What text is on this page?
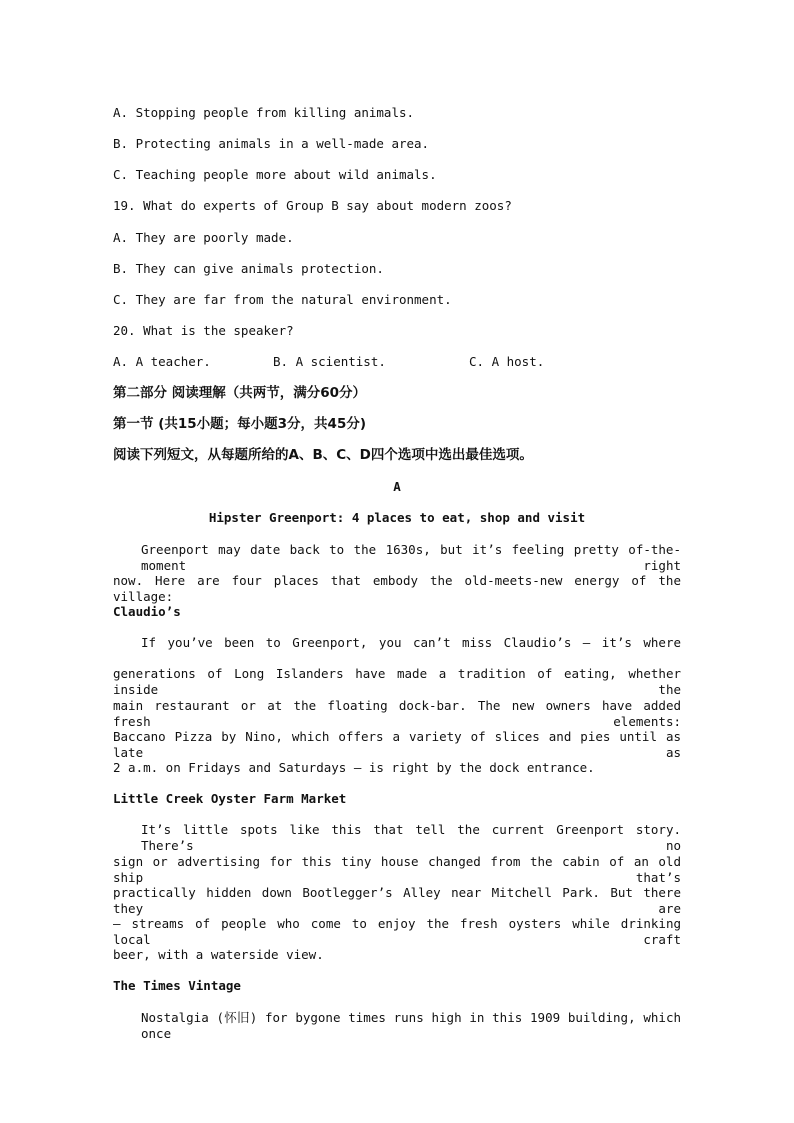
A. Stopping people from killing animals.
B. Protecting animals in a well-made area.
C. Teaching people more about wild animals.
19. What do experts of Group B say about modern zoos?
A. They are poorly made.
B. They can give animals protection.
C. They are far from the natural environment.
20. What is the speaker?
A. A teacher.	B. A scientist.	C. A host.
第二部分 阅读理解（共两节，满分60分）
第一节 (共15小题；每小题3分，共45分)
阅读下列短文，从每题所给的A、B、C、D四个选项中选出最佳选项。
A
Hipster Greenport: 4 places to eat, shop and visit
Greenport may date back to the 1630s, but it’s feeling pretty of-the-moment right
now. Here are four places that embody the old-meets-new energy of the village:
Claudio’s
If you’ve been to Greenport, you can’t miss Claudio’s — it’s where
generations of Long Islanders have made a tradition of eating, whether inside the
main restaurant or at the floating dock-bar. The new owners have added fresh elements:
Baccano Pizza by Nino, which offers a variety of slices and pies until as late as
2 a.m. on Fridays and Saturdays — is right by the dock entrance.
Little Creek Oyster Farm Market
It’s little spots like this that tell the current Greenport story. There’s no
sign or advertising for this tiny house changed from the cabin of an old ship that’s
practically hidden down Bootlegger’s Alley near Mitchell Park. But there they are
— streams of people who come to enjoy the fresh oysters while drinking local craft
beer, with a waterside view.
The Times Vintage
Nostalgia (怀旧) for bygone times runs high in this 1909 building, which once
